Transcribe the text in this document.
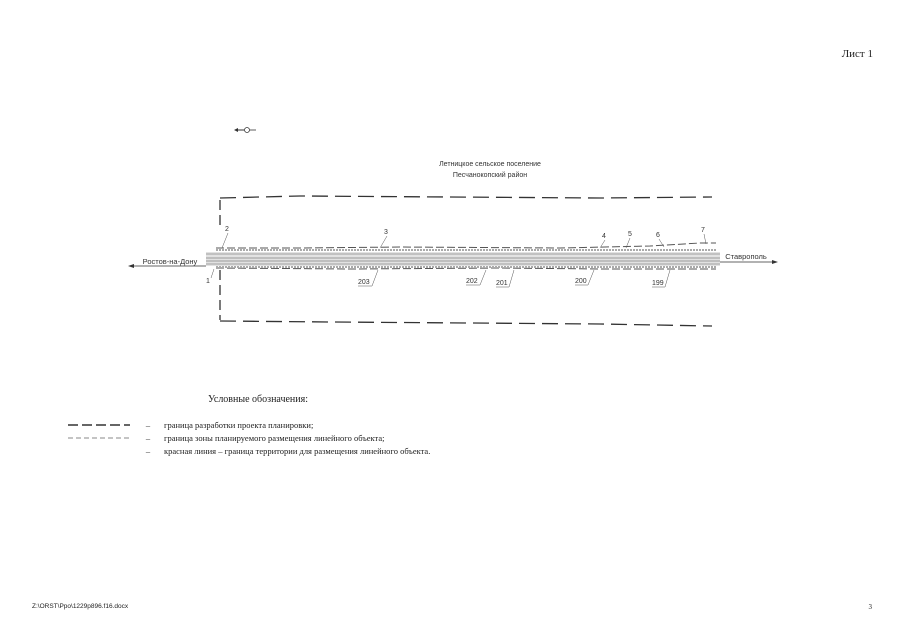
Лист 1
Летницкое сельское поселение
Песчанокопский район
Ростов-на-Дону
Ставрополь
1
2	3
4	5	6
7
203	202	201	200	199
Условные обозначения:
–	граница разработки проекта планировки;
–	граница зоны планируемого размещения линейного объекта;
–	красная линия – граница территории для размещения линейного объекта.
Z:\ORST\Ppo\1229p896.f16.docx	3
